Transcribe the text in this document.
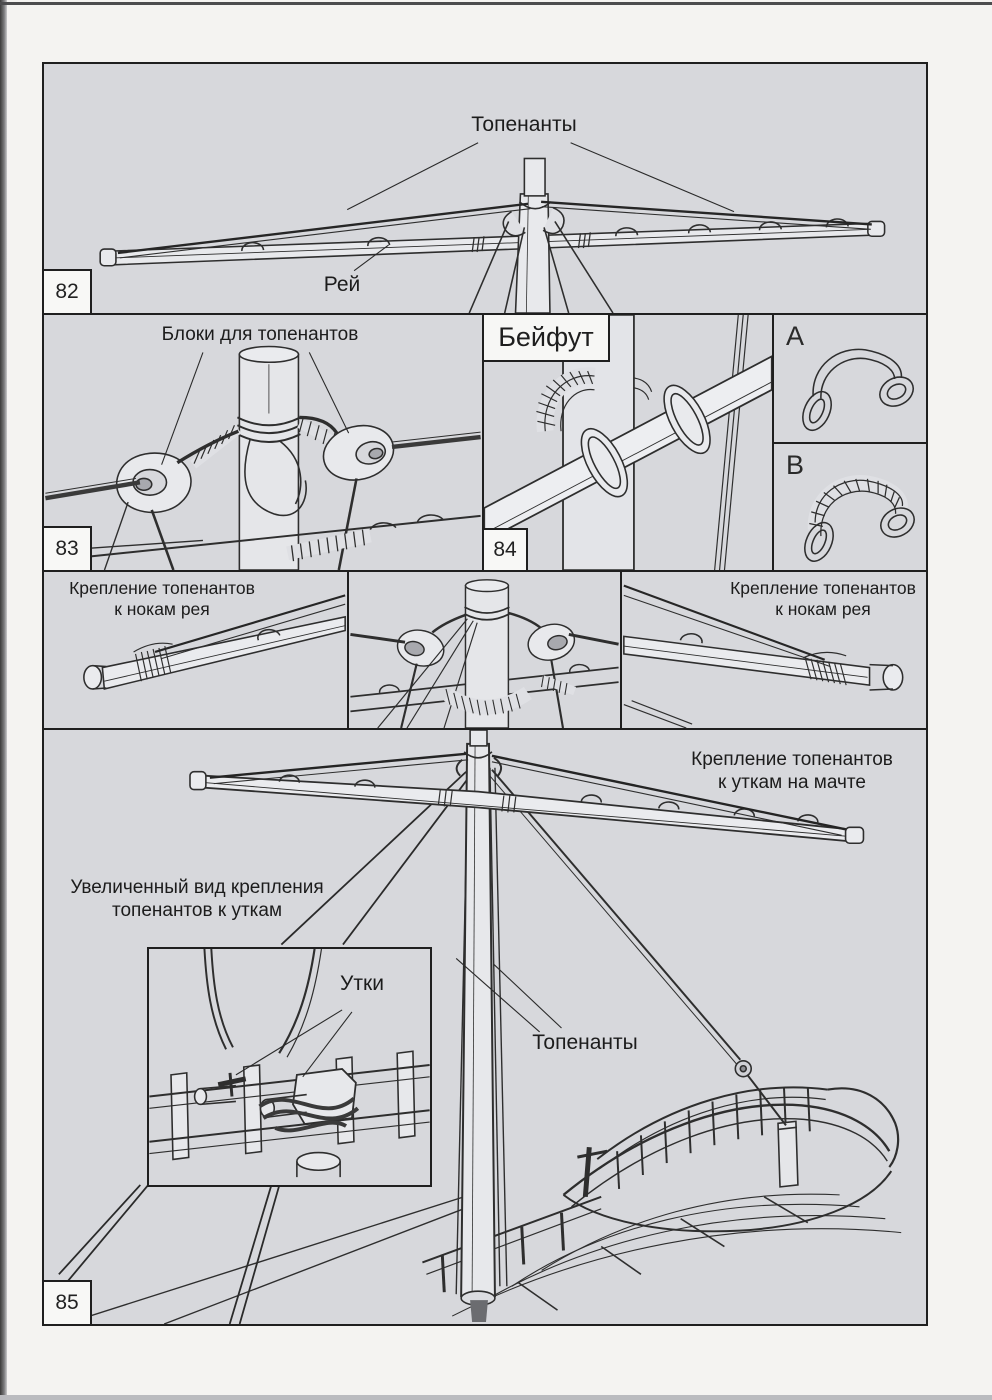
Топенанты
Рей
82
Блоки для топенантов
83
Бейфут
84
A
B
Крепление топенантов
к нокам рея
Крепление топенантов
к нокам рея
Крепление топенантов
к уткам на мачте
Увеличенный вид крепления
топенантов к уткам
Топенанты
Утки
85
